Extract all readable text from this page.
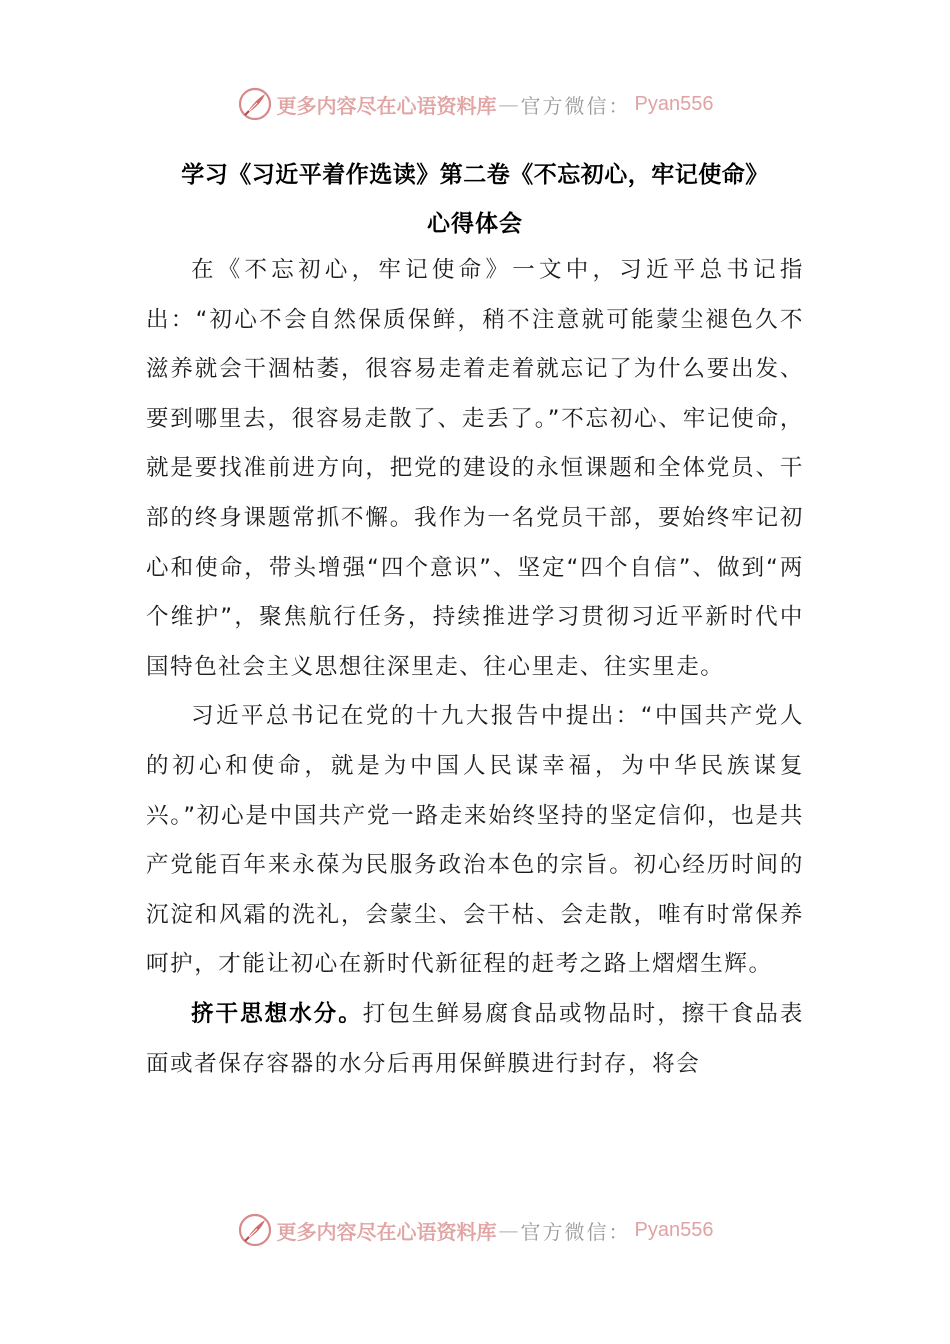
更多内容尽在心语资料库 — 官方微信： Pyan556
学习《习近平着作选读》第二卷《不忘初心，牢记使命》
心得体会

在《不忘初心，牢记使命》一文中，习近平总书记指出：“初心不会自然保质保鲜，稍不注意就可能蒙尘褪色久不滋养就会干涸枯萎，很容易走着走着就忘记了为什么要出发、要到哪里去，很容易走散了、走丢了。”不忘初心、牢记使命，就是要找准前进方向，把党的建设的永恒课题和全体党员、干部的终身课题常抓不懈。我作为一名党员干部，要始终牢记初心和使命，带头增强“四个意识”、坚定“四个自信”、做到“两个维护”，聚焦航行任务，持续推进学习贯彻习近平新时代中国特色社会主义思想往深里走、往心里走、往实里走。

习近平总书记在党的十九大报告中提出：“中国共产党人的初心和使命，就是为中国人民谋幸福，为中华民族谋复兴。”初心是中国共产党一路走来始终坚持的坚定信仰，也是共产党能百年来永葆为民服务政治本色的宗旨。初心经历时间的沉淀和风霜的洗礼，会蒙尘、会干枯、会走散，唯有时常保养呵护，才能让初心在新时代新征程的赶考之路上熠熠生辉。

挤干思想水分。打包生鲜易腐食品或物品时，擦干食品表面或者保存容器的水分后再用保鲜膜进行封存，将会

更多内容尽在心语资料库 — 官方微信： Pyan556
